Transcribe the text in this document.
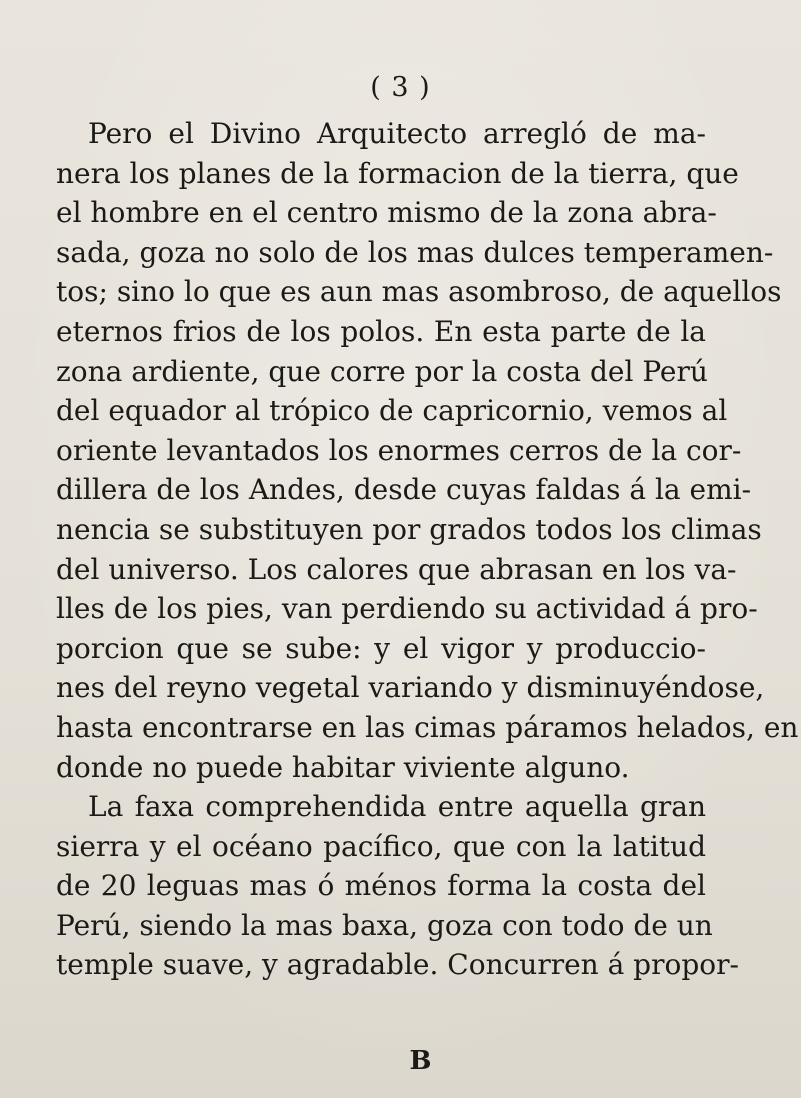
( 3 )
Pero el Divino Arquitecto arregló de ma-
nera los planes de la formacion de la tierra, que
el hombre en el centro mismo de la zona abra-
sada, goza no solo de los mas dulces temperamen-
tos; sino lo que es aun mas asombroso, de aquellos
eternos frios de los polos. En esta parte de la
zona ardiente, que corre por la costa del Perú
del equador al trópico de capricornio, vemos al
oriente levantados los enormes cerros de la cor-
dillera de los Andes, desde cuyas faldas á la emi-
nencia se substituyen por grados todos los climas
del universo. Los calores que abrasan en los va-
lles de los pies, van perdiendo su actividad á pro-
porcion que se sube: y el vigor y produccio-
nes del reyno vegetal variando y disminuyéndose,
hasta encontrarse en las cimas páramos helados, en
donde no puede habitar viviente alguno.
La faxa comprehendida entre aquella gran
sierra y el océano pacífico, que con la latitud
de 20 leguas mas ó ménos forma la costa del
Perú, siendo la mas baxa, goza con todo de un
temple suave, y agradable. Concurren á propor-
B
